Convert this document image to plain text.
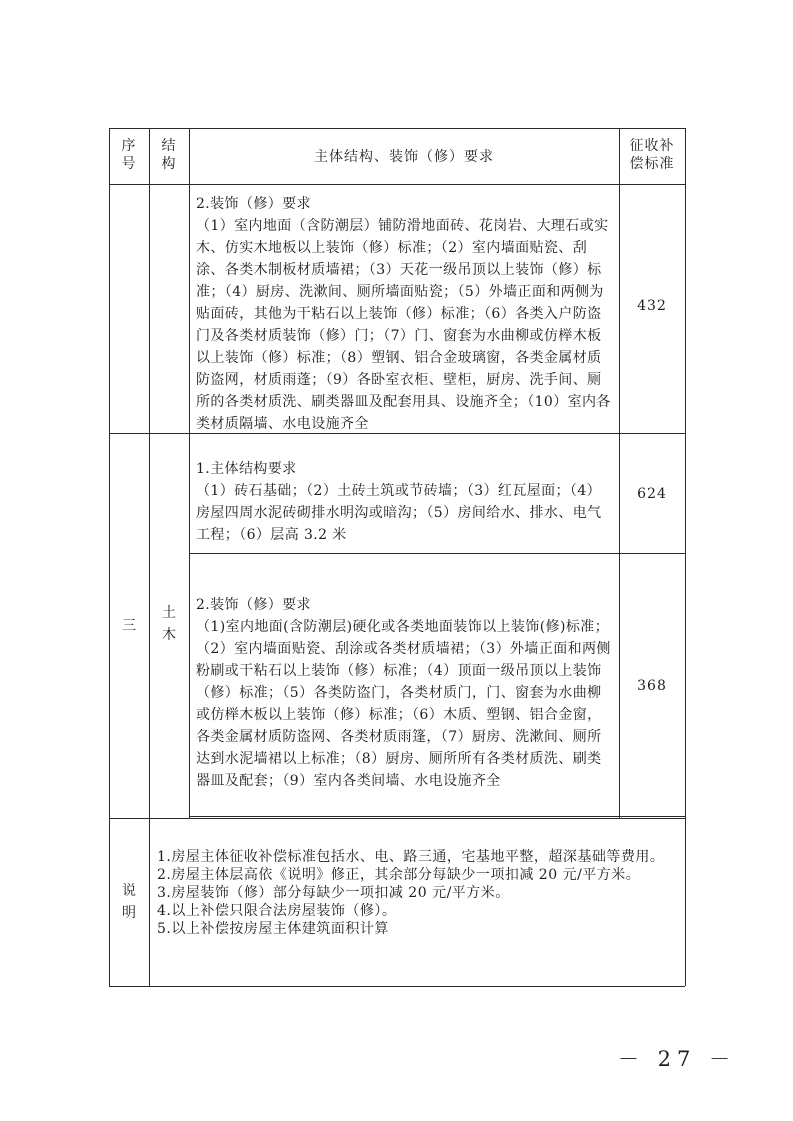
序号
结构	主体结构、装饰（修）要求
征收补偿标准
2.装饰（修）要求
（1）室内地面（含防潮层）铺防滑地面砖、花岗岩、大理石或实木、仿实木地板以上装饰（修）标准；（2）室内墙面贴瓷、刮涂、各类木制板材质墙裙；（3）天花一级吊顶以上装饰（修）标准；（4）厨房、洗漱间、厕所墙面贴瓷；（5）外墙正面和两侧为贴面砖，其他为干粘石以上装饰（修）标准；（6）各类入户防盗门及各类材质装饰（修）门；（7）门、窗套为水曲柳或仿榉木板以上装饰（修）标准；（8）塑钢、铝合金玻璃窗，各类金属材质防盗网，材质雨蓬；（9）各卧室衣柜、壁柜，厨房、洗手间、厕所的各类材质洗、刷类器皿及配套用具、设施齐全；（10）室内各类材质隔墙、水电设施齐全
432
三
土木
1.主体结构要求
（1）砖石基础；（2）土砖土筑或节砖墙；（3）红瓦屋面；（4）房屋四周水泥砖砌排水明沟或暗沟；（5）房间给水、排水、电气工程；（6）层高 3.2 米
624
2.装饰（修）要求
（1)室内地面(含防潮层)硬化或各类地面装饰以上装饰(修)标准；（2）室内墙面贴瓷、刮涂或各类材质墙裙；（3）外墙正面和两侧粉刷或干粘石以上装饰（修）标准；（4）顶面一级吊顶以上装饰（修）标准；（5）各类防盗门，各类材质门，门、窗套为水曲柳或仿榉木板以上装饰（修）标准；（6）木质、塑钢、铝合金窗，各类金属材质防盗网、各类材质雨篷，（7）厨房、洗漱间、厕所达到水泥墙裙以上标准；（8）厨房、厕所所有各类材质洗、刷类器皿及配套；（9）室内各类间墙、水电设施齐全
368
说明
1.房屋主体征收补偿标准包括水、电、路三通，宅基地平整，超深基础等费用。
2.房屋主体层高依《说明》修正，其余部分每缺少一项扣减 20 元/平方米。
3.房屋装饰（修）部分每缺少一项扣减 20 元/平方米。
4.以上补偿只限合法房屋装饰（修）。
5.以上补偿按房屋主体建筑面积计算
－ 27 －
